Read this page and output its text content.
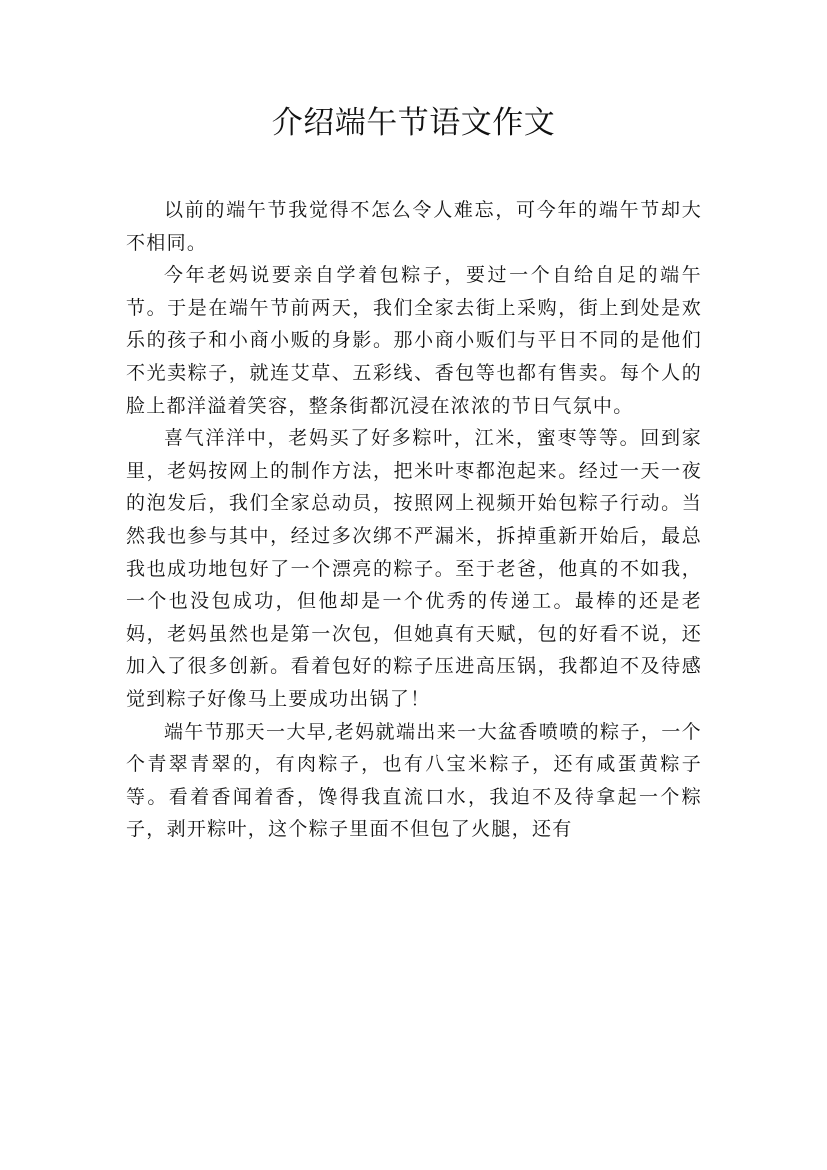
介绍端午节语文作文

以前的端午节我觉得不怎么令人难忘，可今年的端午节却大不相同。

今年老妈说要亲自学着包粽子，要过一个自给自足的端午节。于是在端午节前两天，我们全家去街上采购，街上到处是欢乐的孩子和小商小贩的身影。那小商小贩们与平日不同的是他们不光卖粽子，就连艾草、五彩线、香包等也都有售卖。每个人的脸上都洋溢着笑容，整条街都沉浸在浓浓的节日气氛中。

喜气洋洋中，老妈买了好多粽叶，江米，蜜枣等等。回到家里，老妈按网上的制作方法，把米叶枣都泡起来。经过一天一夜的泡发后，我们全家总动员，按照网上视频开始包粽子行动。当然我也参与其中，经过多次绑不严漏米，拆掉重新开始后，最总我也成功地包好了一个漂亮的粽子。至于老爸，他真的不如我，一个也没包成功，但他却是一个优秀的传递工。最棒的还是老妈，老妈虽然也是第一次包，但她真有天赋，包的好看不说，还加入了很多创新。看着包好的粽子压进高压锅，我都迫不及待感觉到粽子好像马上要成功出锅了！

端午节那天一大早,老妈就端出来一大盆香喷喷的粽子，一个个青翠青翠的，有肉粽子，也有八宝米粽子，还有咸蛋黄粽子等。看着香闻着香，馋得我直流口水，我迫不及待拿起一个粽子，剥开粽叶，这个粽子里面不但包了火腿，还有
